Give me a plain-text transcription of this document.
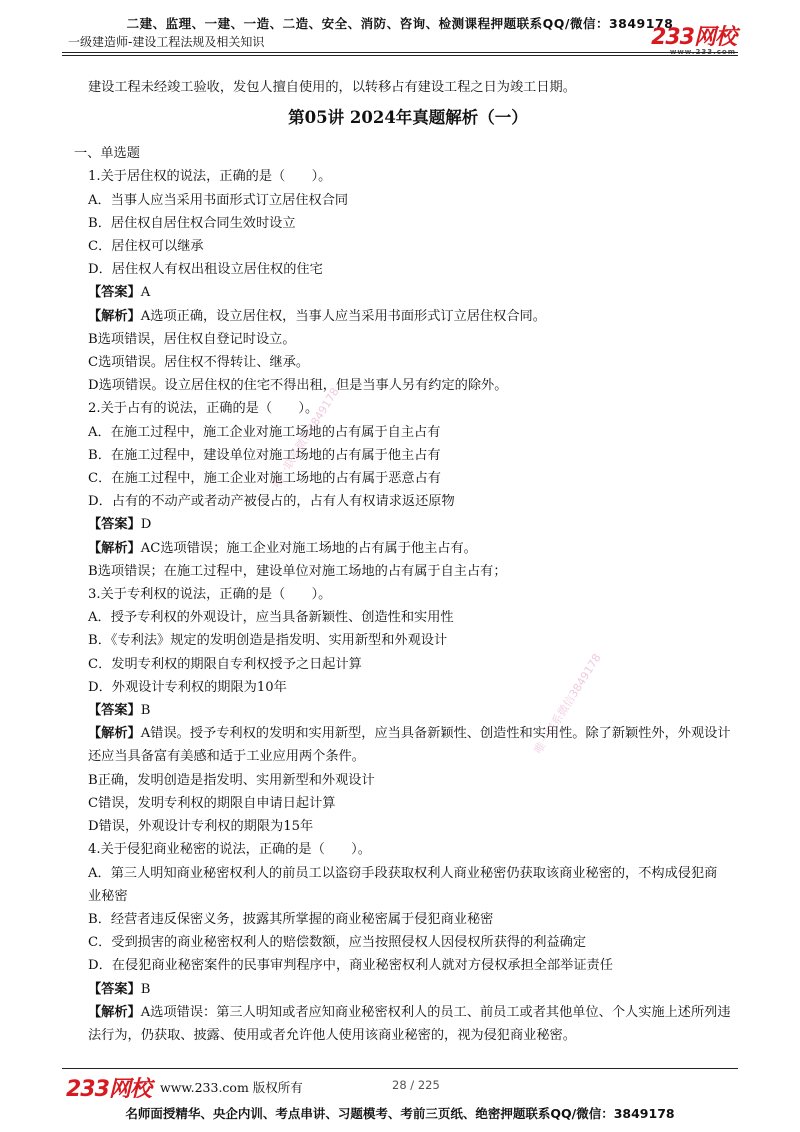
二建、监理、一建、一造、二造、安全、消防、咨询、检测课程押题联系QQ/微信：3849178
一级建造师-建设工程法规及相关知识	233网校
www.233.com
唯一联系微信3849178
唯一联系微信3849178
建设工程未经竣工验收，发包人擅自使用的，以转移占有建设工程之日为竣工日期。
第05讲 2024年真题解析（一）
一、单选题
1.关于居住权的说法，正确的是（　　）。
A．当事人应当采用书面形式订立居住权合同
B．居住权自居住权合同生效时设立
C．居住权可以继承
D．居住权人有权出租设立居住权的住宅
【答案】A
【解析】A选项正确，设立居住权，当事人应当采用书面形式订立居住权合同。
B选项错误，居住权自登记时设立。
C选项错误。居住权不得转让、继承。
D选项错误。设立居住权的住宅不得出租，但是当事人另有约定的除外。
2.关于占有的说法，正确的是（　　）。
A．在施工过程中，施工企业对施工场地的占有属于自主占有
B．在施工过程中，建设单位对施工场地的占有属于他主占有
C．在施工过程中，施工企业对施工场地的占有属于恶意占有
D．占有的不动产或者动产被侵占的，占有人有权请求返还原物
【答案】D
【解析】AC选项错误；施工企业对施工场地的占有属于他主占有。
B选项错误；在施工过程中，建设单位对施工场地的占有属于自主占有；
3.关于专利权的说法，正确的是（　　）。
A．授予专利权的外观设计，应当具备新颖性、创造性和实用性
B．《专利法》规定的发明创造是指发明、实用新型和外观设计
C．发明专利权的期限自专利权授予之日起计算
D．外观设计专利权的期限为10年
【答案】B
【解析】A错误。授予专利权的发明和实用新型，应当具备新颖性、创造性和实用性。除了新颖性外，外观设计还应当具备富有美感和适于工业应用两个条件。
B正确，发明创造是指发明、实用新型和外观设计
C错误，发明专利权的期限自申请日起计算
D错误，外观设计专利权的期限为15年
4.关于侵犯商业秘密的说法，正确的是（　　）。
A．第三人明知商业秘密权利人的前员工以盗窃手段获取权利人商业秘密仍获取该商业秘密的，不构成侵犯商业秘密
B．经营者违反保密义务，披露其所掌握的商业秘密属于侵犯商业秘密
C．受到损害的商业秘密权利人的赔偿数额，应当按照侵权人因侵权所获得的利益确定
D．在侵犯商业秘密案件的民事审判程序中，商业秘密权利人就对方侵权承担全部举证责任
【答案】B
【解析】A选项错误：第三人明知或者应知商业秘密权利人的员工、前员工或者其他单位、个人实施上述所列违法行为，仍获取、披露、使用或者允许他人使用该商业秘密的，视为侵犯商业秘密。
233网校 www.233.com 版权所有	28 / 225
名师面授精华、央企内训、考点串讲、习题模考、考前三页纸、绝密押题联系QQ/微信：3849178
